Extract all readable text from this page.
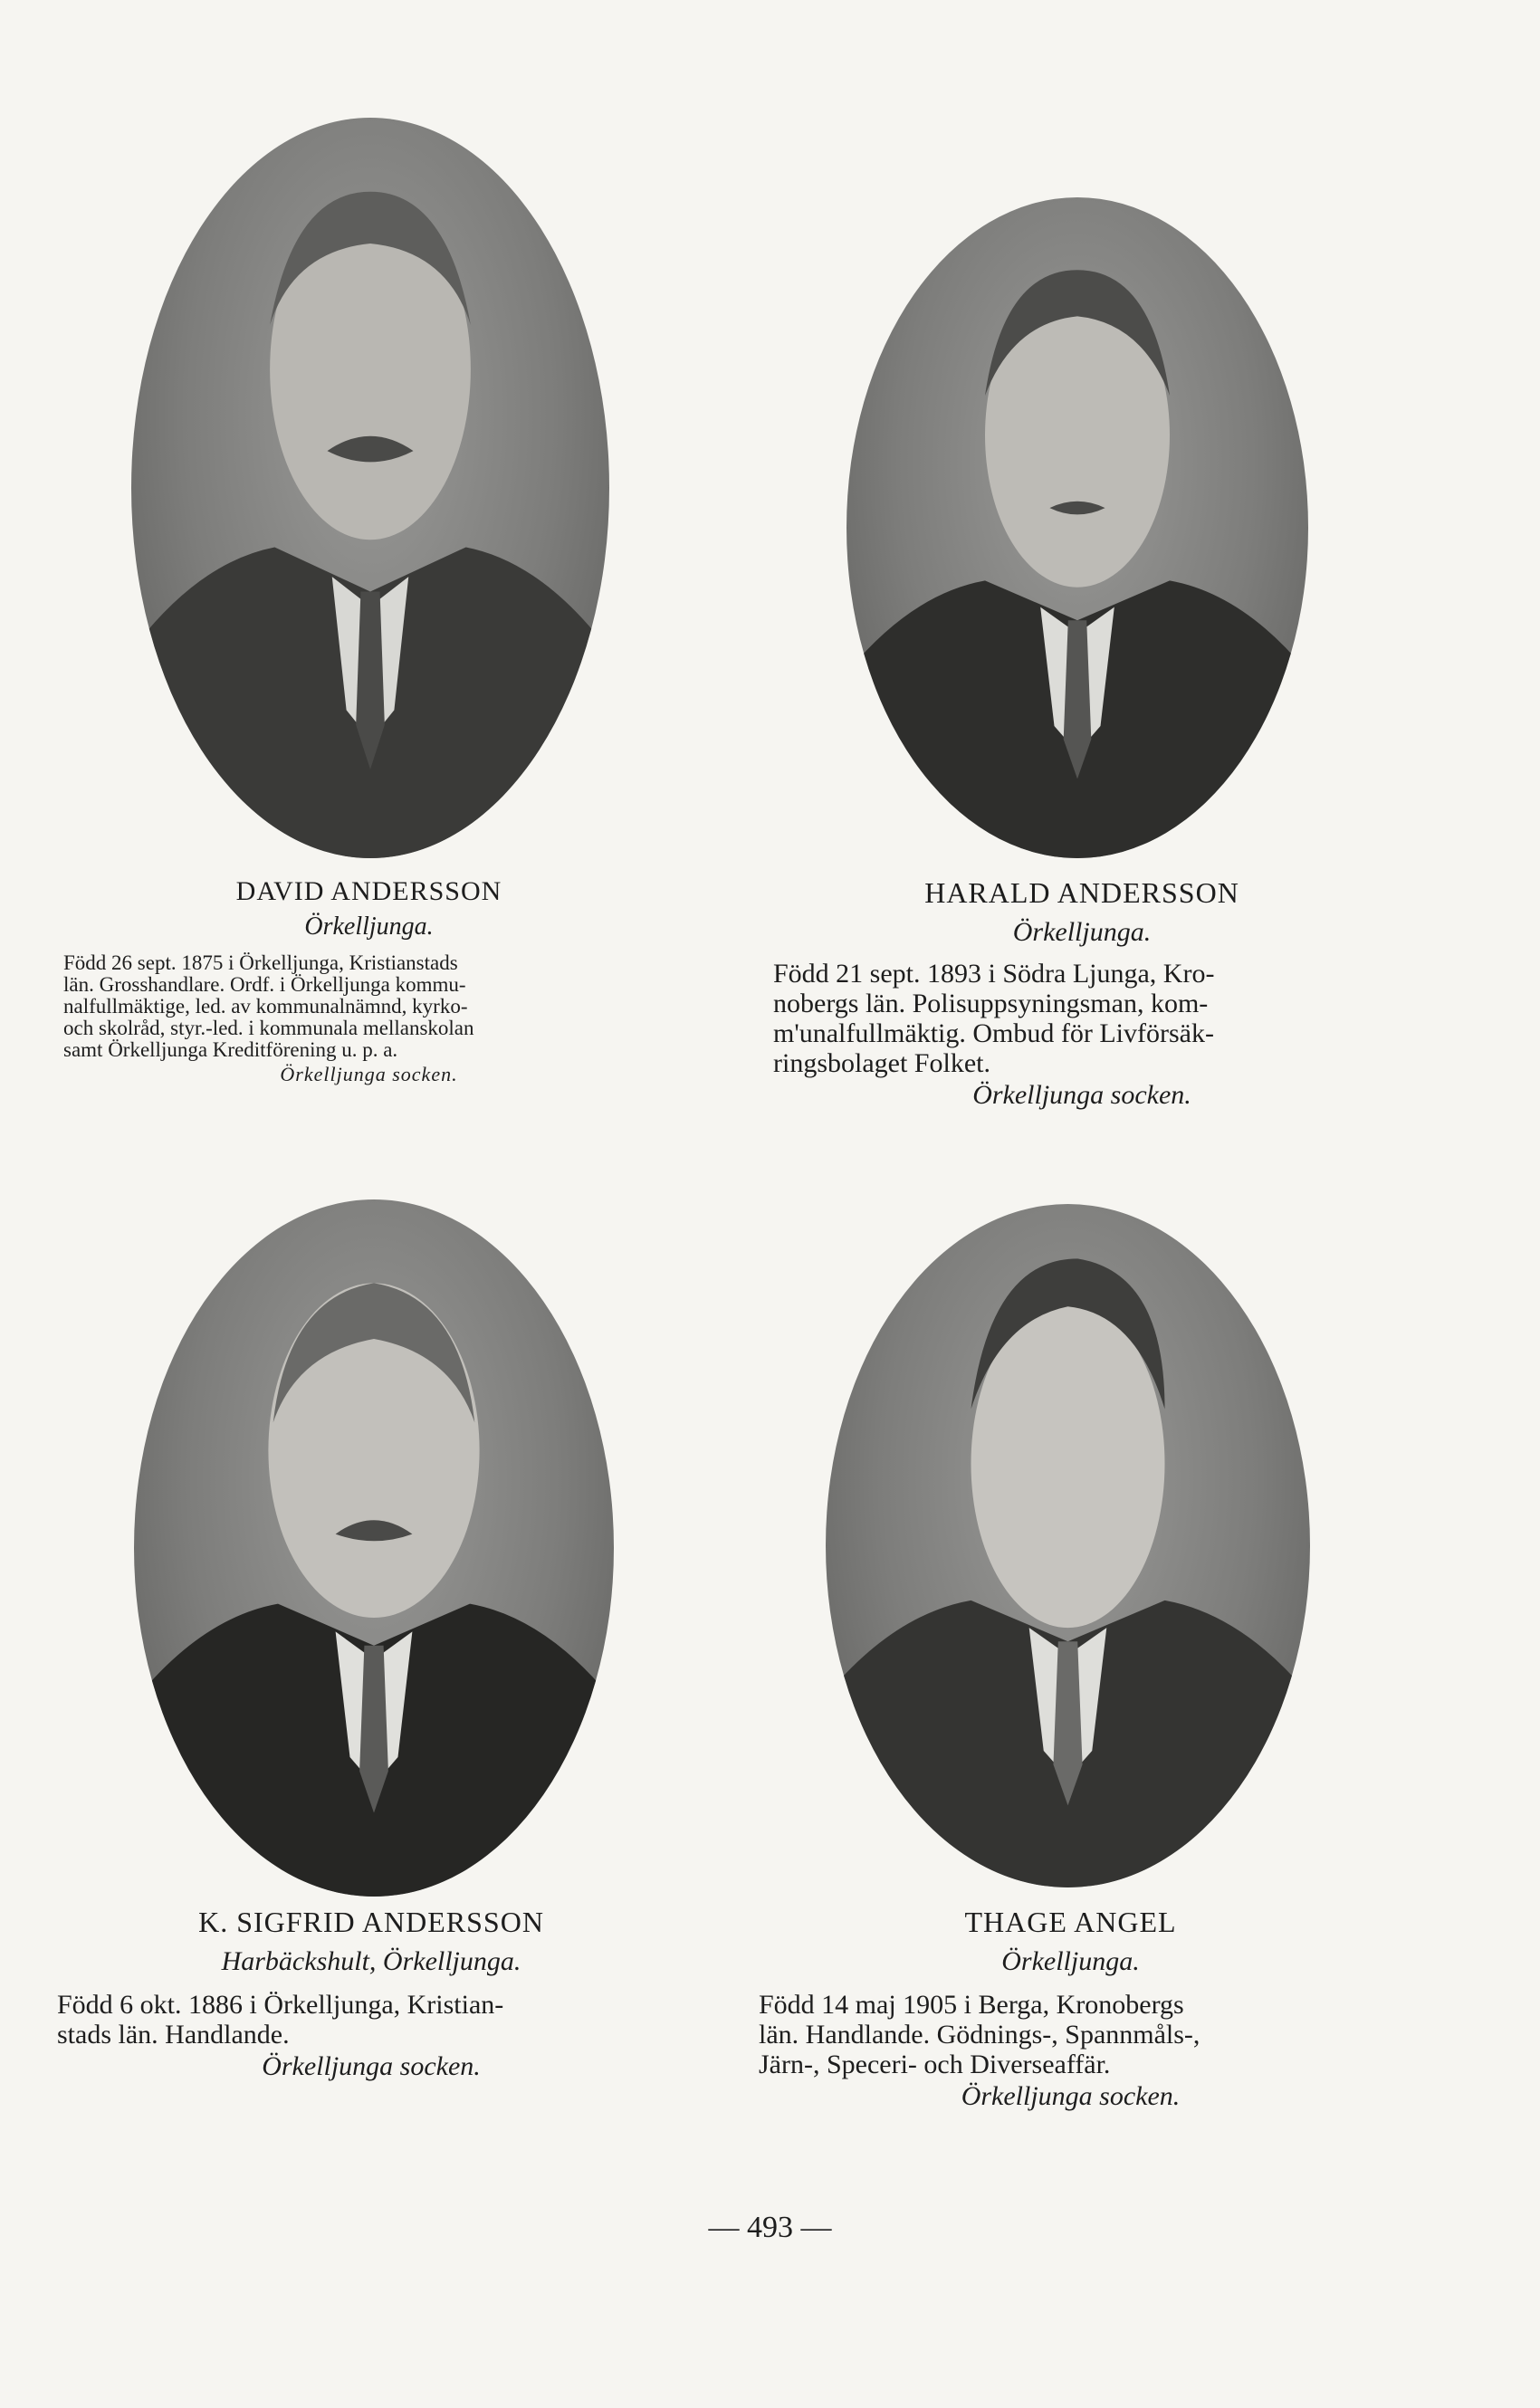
DAVID ANDERSSON
Örkelljunga.
Född 26 sept. 1875 i Örkelljunga, Kristianstads
län. Grosshandlare. Ordf. i Örkelljunga kommu-
nalfullmäktige, led. av kommunalnämnd, kyrko-
och skolråd, styr.-led. i kommunala mellanskolan
samt Örkelljunga Kreditförening u. p. a.
Örkelljunga socken.
HARALD ANDERSSON
Örkelljunga.
Född 21 sept. 1893 i Södra Ljunga, Kro-
nobergs län. Polisuppsyningsman, kom-
m'unalfullmäktig. Ombud för Livförsäk-
ringsbolaget Folket.
Örkelljunga socken.
K. SIGFRID ANDERSSON
Harbäckshult, Örkelljunga.
Född 6 okt. 1886 i Örkelljunga, Kristian-
stads län. Handlande.
Örkelljunga socken.
THAGE ANGEL
Örkelljunga.
Född 14 maj 1905 i Berga, Kronobergs
län. Handlande. Gödnings-, Spannmåls-,
Järn-, Speceri- och Diverseaffär.
Örkelljunga socken.
— 493 —
